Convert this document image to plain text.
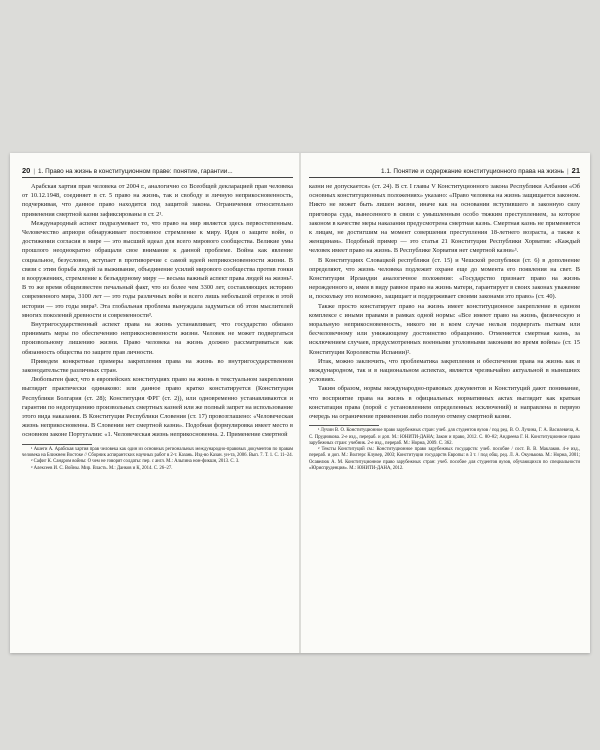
20 | 1. Право на жизнь в конституционном праве: понятие, гарантии...

Арабская хартия прав человека от 2004 г., аналогично со Всеобщей декларацией прав человека от 10.12.1948, соединяет в ст. 5 право на жизнь, так и свободу и личную неприкосновенность, подчеркивая, что данное право находится под защитой закона. Ограничения относительно применения смертной казни зафиксированы в ст. 2¹.

Международный аспект подразумевает то, что право на мир является здесь первостепенным. Человечество априори обнаруживает постоянное стремление к миру. Идея о защите войн, о достижении согласия в мире — это высший идеал для всего мирового сообщества. Великие умы прошлого неоднократно обращали свое внимание к данной проблеме. Война как явление социальное, безусловно, вступает в противоречие с самой идеей неприкосновенности жизни. В связи с этим борьба людей за выживание, объединение усилий мирового сообщества против гонки в вооружениях, стремление к безъядерному миру — весьма важный аспект права людей на жизнь². В то же время общеизвестен печальный факт, что из более чем 3300 лет, составляющих историю современного мира, 3100 лет — это годы различных войн и всего лишь небольшой отрезок в этой истории — это годы мира³. Эта глобальная проблема вынуждала задуматься об этом мыслителей многих поколений древности и современности³.

Внутригосударственный аспект права на жизнь устанавливает, что государство обязано принимать меры по обеспечению неприкосновенности жизни. Человек не может подвергаться произвольному лишению жизни. Право человека на жизнь должно рассматриваться как обязанность общества по защите прав личности.

Приведем конкретные примеры закрепления права на жизнь во внутригосударственном законодательстве различных стран.

Любопытен факт, что в европейских конституциях право на жизнь в текстуальном закреплении выглядит практически одинаково: или данное право кратко констатируется (Конституция Республики Болгария (ст. 28); Конституция ФРГ (ст. 2)), или одновременно устанавливаются и гарантии по недопущению произвольных смертных казней или же полный запрет на использование этого вида наказания. В Конституции Республики Словения (ст. 17) провозглашено: «Человеческая жизнь неприкосновенна. В Словении нет смертной казни». Подобная формулировка имеет место в основном законе Португалии: «1. Человеческая жизнь неприкосновенна. 2. Применение смертной

¹ Ашеги А. Арабская хартия прав человека как один из основных региональных международно-правовых документов по правам человека на Ближнем Востоке // Сборник аспирантских научных работ в 2-т. Казань. Изд-во Казан. ун-та, 2006. Вып. 7. Т. 1. С. 11–24.

² Сафиг К. Сандром войны: О чем не говорят солдаты: пер. с англ. М.: Альпина нон-фикшн, 2013. С. 3.

³ Алексеев И. С. Войны. Мир. Власть. М.: Данков и К, 2014. С. 26–27.

1.1. Понятие и содержание конституционного права на жизнь | 21

казни не допускается» (ст. 24). В ст. I главы V Конституционного закона Республики Албания «Об основных конституционных положениях» указано: «Право человека на жизнь защищается законом. Никто не может быть лишен жизни, иначе как на основании вступившего в законную силу приговора суда, вынесенного в связи с умышленным особо тяжким преступлением, за которое законом в качестве меры наказания предусмотрена смертная казнь. Смертная казнь не применяется к лицам, не достигшим на момент совершения преступления 18-летнего возраста, а также к женщинам». Подобный пример — это статья 21 Конституции Республики Хорватия: «Каждый человек имеет право на жизнь. В Республике Хорватия нет смертной казни»¹.

В Конституциях Словацкой республики (ст. 15) и Чешской республики (ст. 6) в дополнение определяют, что жизнь человека подлежит охране еще до момента его появления на свет. В Конституции Ирландии аналогичное положение: «Государство признает право на жизнь нерожденного и, имея в виду равное право на жизнь матери, гарантирует в своих законах уважение и, поскольку это возможно, защищает и поддерживает своими законами это право» (ст. 40).

Также просто констатирует право на жизнь имеет конституционное закрепление в едином комплексе с иными правами в рамках одной нормы: «Все имеют право на жизнь, физическую и моральную неприкосновенность, никого ни в коем случае нельзя подвергать пыткам или бесчеловечному или унижающему достоинство обращению. Отменяется смертная казнь, за исключением случаев, предусмотренных военными уголовными законами во время войны» (ст. 15 Конституции Королевства Испании)².

Итак, можно заключить, что проблематика закрепления и обеспечения права на жизнь как в международном, так и в национальном аспектах, является чрезвычайно актуальной в нынешних условиях.

Таким образом, нормы международно-правовых документов и Конституций дают понимание, что восприятие права на жизнь в официальных нормативных актах выглядит как краткая констатация права (порой с установлением определенных исключений) и направлена в первую очередь на ограничение применения либо полную отмену смертной казни.

¹ Лучин В. О. Конституционное право зарубежных стран: учеб. для студентов вузов / под ред. В. О. Лучина, Г. А. Василевича, А. С. Прудникова. 2-е изд., перераб. и доп. М.: ЮНИТИ-ДАНА; Закон и право, 2012. С. 80–82; Андреева Г. Н. Конституционное право зарубежных стран: учебник. 2-е изд., перераб. М.: Норма, 2009. С. 362.

² Тексты Конституций см.: Конституционное право зарубежных государств: учеб. пособие / сост. В. В. Маклаков. 4-е изд., перераб. и доп. М.: Волтерс Клувер, 2003; Конституции государств Европы: в 3 т. / под общ. ред. Л. А. Окунькова. М.: Норма, 2001; Осавелюк А. М. Конституционное право зарубежных стран: учеб. пособие для студентов вузов, обучающихся по специальности «Юриспруденция». М.: ЮНИТИ-ДАНА, 2012.
